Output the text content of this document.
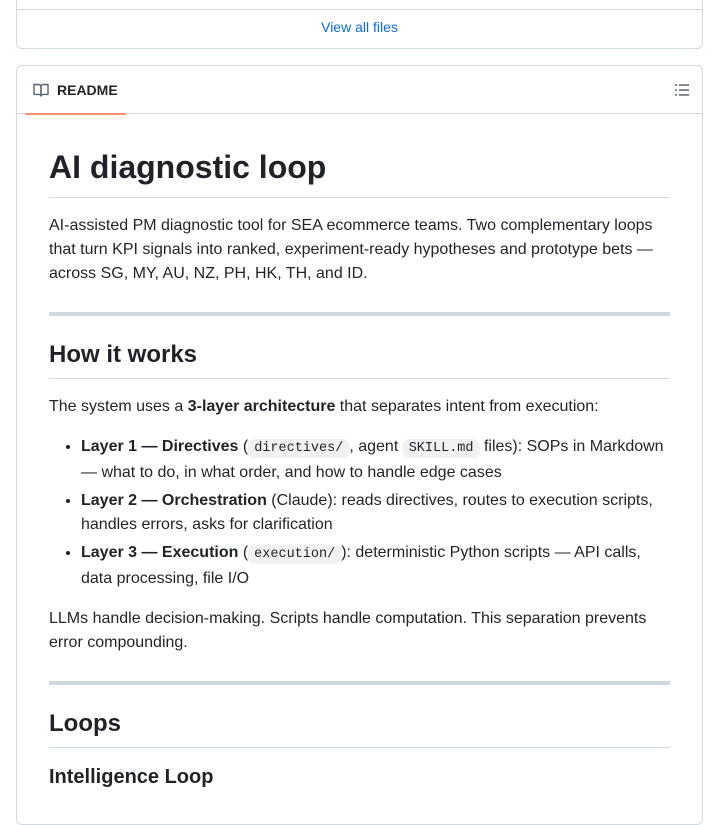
View all files
README
AI diagnostic loop

AI-assisted PM diagnostic tool for SEA ecommerce teams. Two complementary loops that turn KPI signals into ranked, experiment-ready hypotheses and prototype bets — across SG, MY, AU, NZ, PH, HK, TH, and ID.

How it works

The system uses a 3-layer architecture that separates intent from execution:

• Layer 1 — Directives ( directives/ , agent SKILL.md files): SOPs in Markdown — what to do, in what order, and how to handle edge cases
• Layer 2 — Orchestration (Claude): reads directives, routes to execution scripts, handles errors, asks for clarification
• Layer 3 — Execution ( execution/ ): deterministic Python scripts — API calls, data processing, file I/O

LLMs handle decision-making. Scripts handle computation. This separation prevents error compounding.

Loops
Intelligence Loop
